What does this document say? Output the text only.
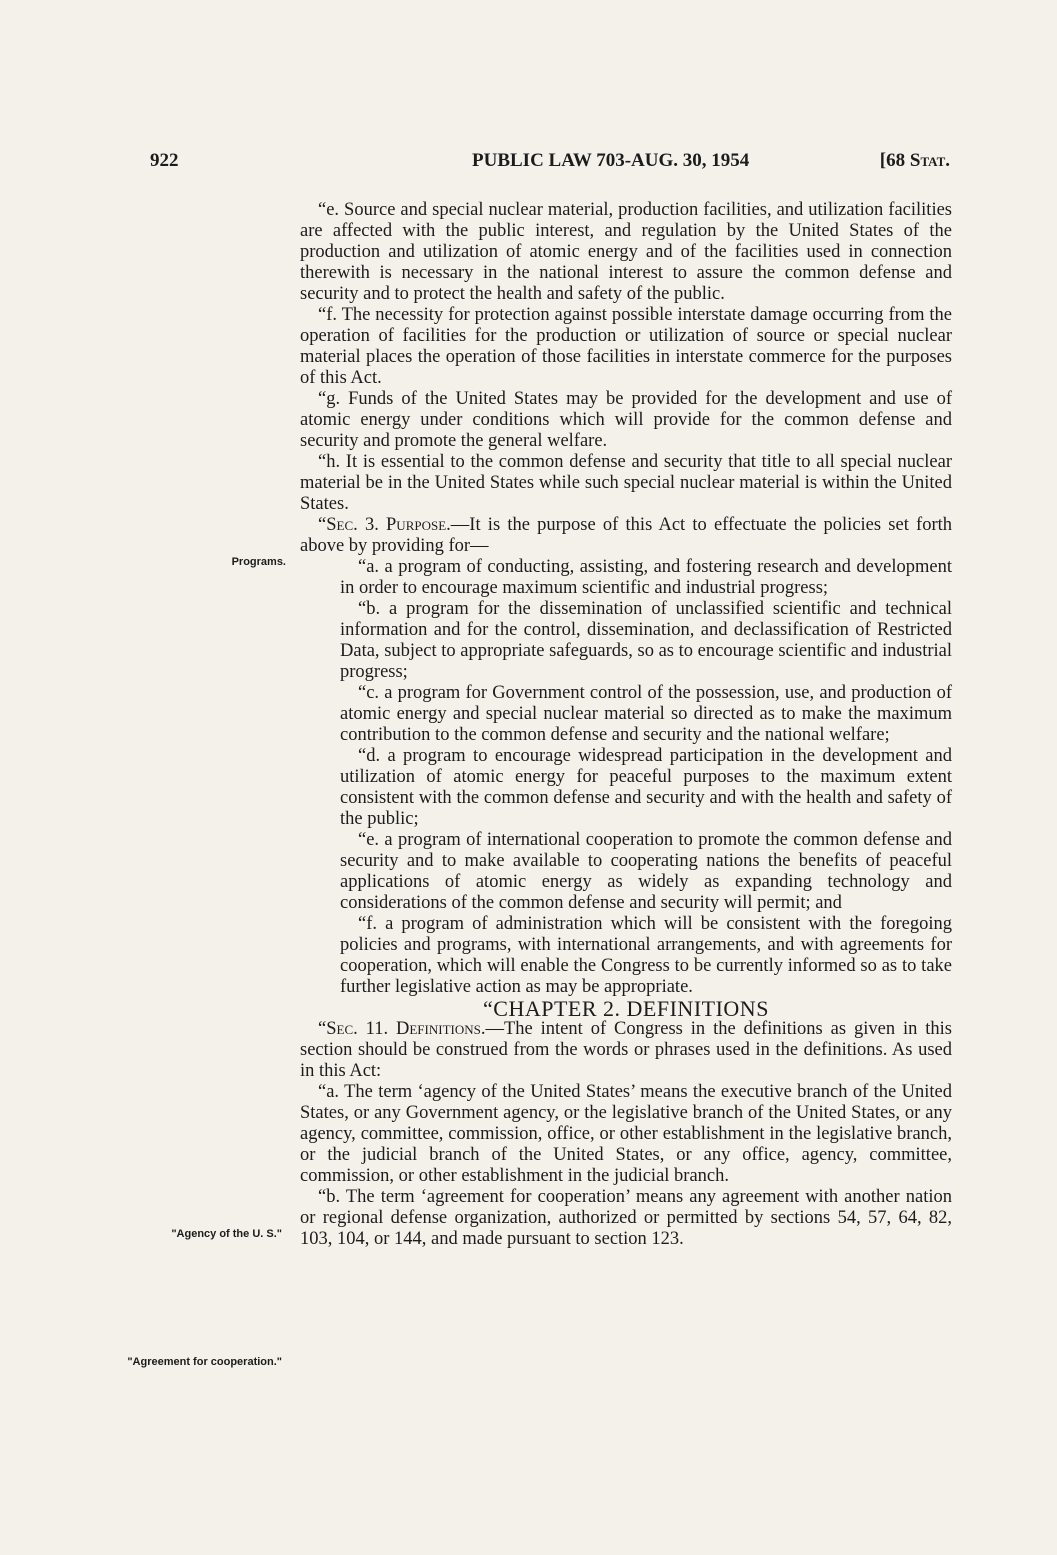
922	PUBLIC LAW 703-AUG. 30, 1954	[68 Stat.
Programs.
"Agency of the U. S."
"Agreement for cooperation."

“e. Source and special nuclear material, production facilities, and utilization facilities are affected with the public interest, and regulation by the United States of the production and utilization of atomic energy and of the facilities used in connection therewith is necessary in the national interest to assure the common defense and security and to protect the health and safety of the public.

“f. The necessity for protection against possible interstate damage occurring from the operation of facilities for the production or utilization of source or special nuclear material places the operation of those facilities in interstate commerce for the purposes of this Act.

“g. Funds of the United States may be provided for the development and use of atomic energy under conditions which will provide for the common defense and security and promote the general welfare.

“h. It is essential to the common defense and security that title to all special nuclear material be in the United States while such special nuclear material is within the United States.

“Sec. 3. Purpose.—It is the purpose of this Act to effectuate the policies set forth above by providing for—

“a. a program of conducting, assisting, and fostering research and development in order to encourage maximum scientific and industrial progress;

“b. a program for the dissemination of unclassified scientific and technical information and for the control, dissemination, and declassification of Restricted Data, subject to appropriate safeguards, so as to encourage scientific and industrial progress;

“c. a program for Government control of the possession, use, and production of atomic energy and special nuclear material so directed as to make the maximum contribution to the common defense and security and the national welfare;

“d. a program to encourage widespread participation in the development and utilization of atomic energy for peaceful purposes to the maximum extent consistent with the common defense and security and with the health and safety of the public;

“e. a program of international cooperation to promote the common defense and security and to make available to cooperating nations the benefits of peaceful applications of atomic energy as widely as expanding technology and considerations of the common defense and security will permit; and

“f. a program of administration which will be consistent with the foregoing policies and programs, with international arrangements, and with agreements for cooperation, which will enable the Congress to be currently informed so as to take further legislative action as may be appropriate.

“CHAPTER 2. DEFINITIONS

“Sec. 11. Definitions.—The intent of Congress in the definitions as given in this section should be construed from the words or phrases used in the definitions. As used in this Act:

“a. The term ‘agency of the United States’ means the executive branch of the United States, or any Government agency, or the legislative branch of the United States, or any agency, committee, commission, office, or other establishment in the legislative branch, or the judicial branch of the United States, or any office, agency, committee, commission, or other establishment in the judicial branch.

“b. The term ‘agreement for cooperation’ means any agreement with another nation or regional defense organization, authorized or permitted by sections 54, 57, 64, 82, 103, 104, or 144, and made pursuant to section 123.
